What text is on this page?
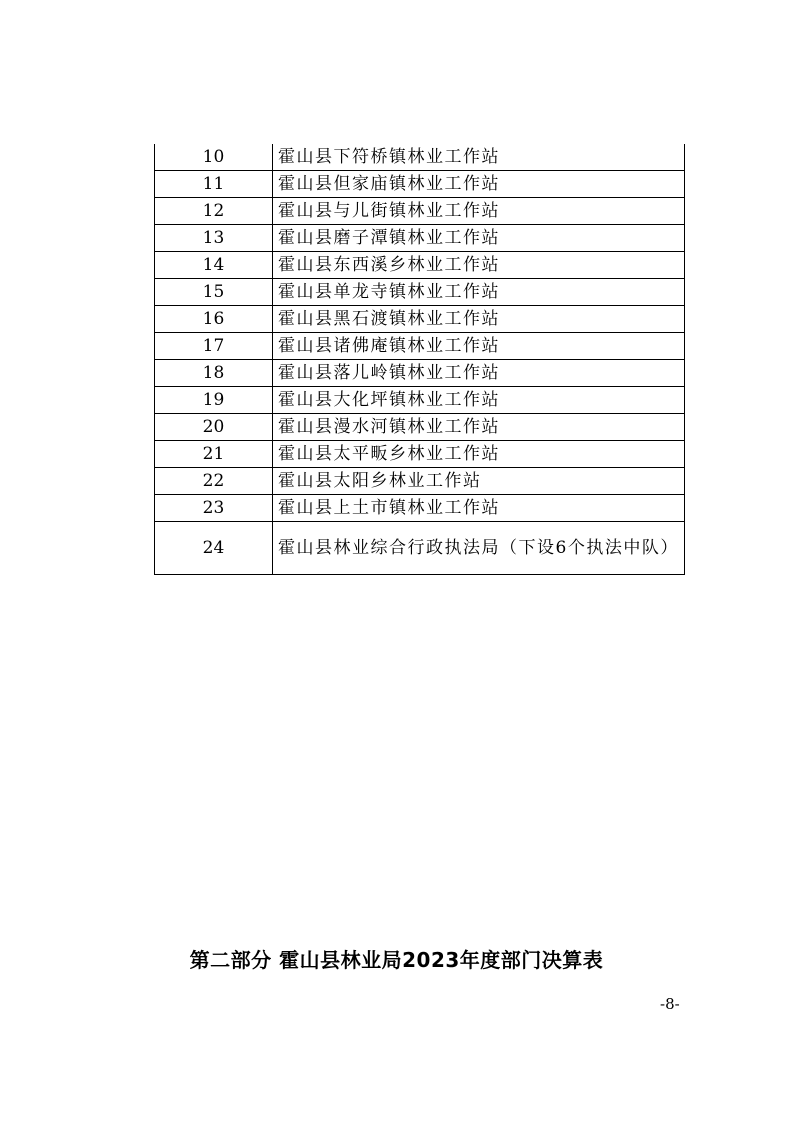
10	霍山县下符桥镇林业工作站
11	霍山县但家庙镇林业工作站
12	霍山县与儿街镇林业工作站
13	霍山县磨子潭镇林业工作站
14	霍山县东西溪乡林业工作站
15	霍山县单龙寺镇林业工作站
16	霍山县黑石渡镇林业工作站
17	霍山县诸佛庵镇林业工作站
18	霍山县落儿岭镇林业工作站
19	霍山县大化坪镇林业工作站
20	霍山县漫水河镇林业工作站
21	霍山县太平畈乡林业工作站
22	霍山县太阳乡林业工作站
23	霍山县上土市镇林业工作站
24	霍山县林业综合行政执法局（下设6个执法中队）
第二部分 霍山县林业局2023年度部门决算表
-8-
